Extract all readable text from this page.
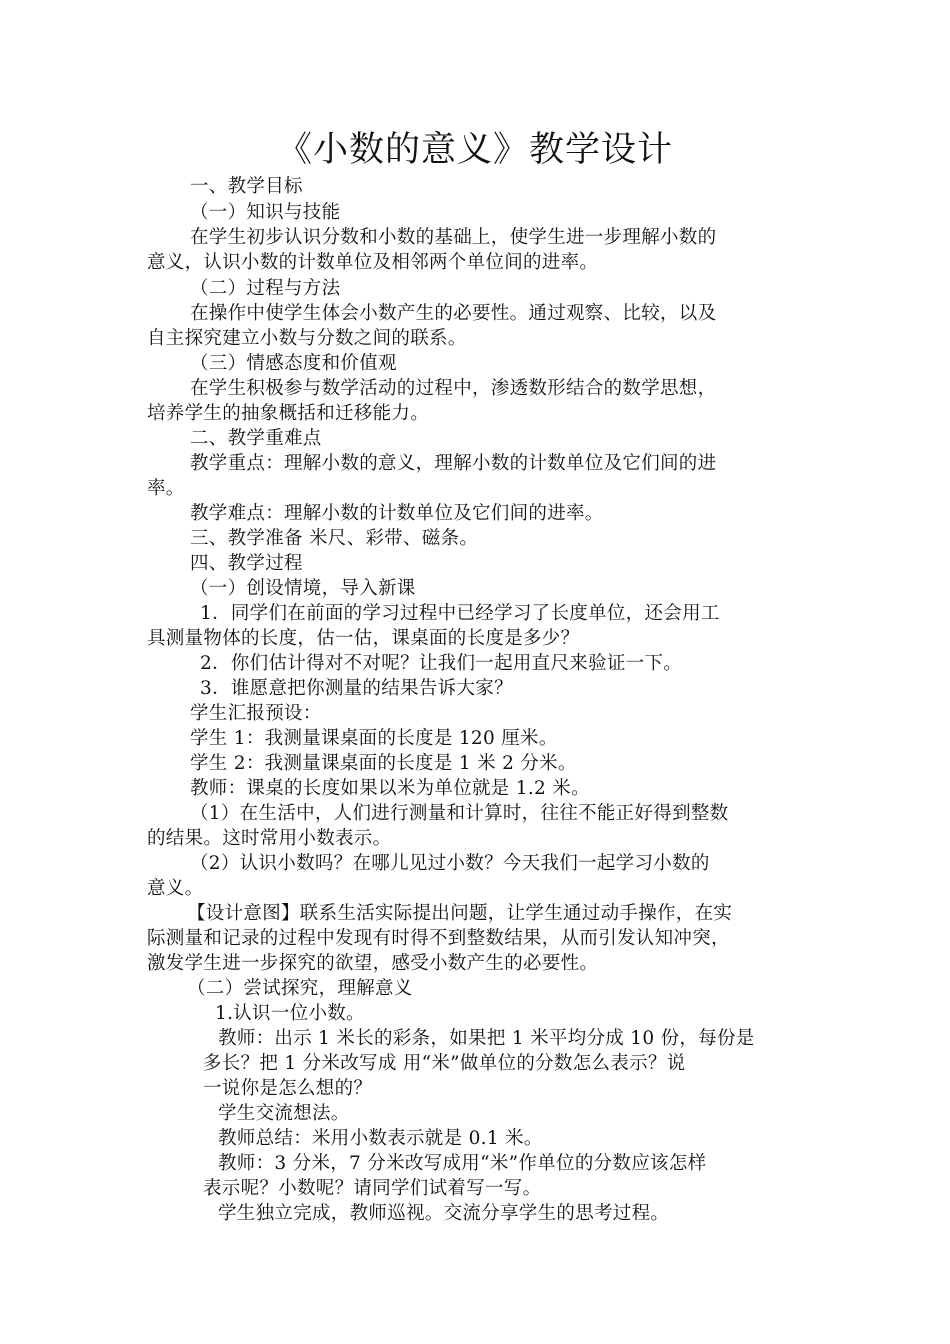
《小数的意义》教学设计
一、教学目标
（一）知识与技能
在学生初步认识分数和小数的基础上，使学生进一步理解小数的
意义，认识小数的计数单位及相邻两个单位间的进率。
（二）过程与方法
在操作中使学生体会小数产生的必要性。通过观察、比较，以及
自主探究建立小数与分数之间的联系。
（三）情感态度和价值观
在学生积极参与数学活动的过程中，渗透数形结合的数学思想，
培养学生的抽象概括和迁移能力。
二、教学重难点
教学重点：理解小数的意义，理解小数的计数单位及它们间的进
率。
教学难点：理解小数的计数单位及它们间的进率。
三、教学准备 米尺、彩带、磁条。
四、教学过程
（一）创设情境，导入新课
1．同学们在前面的学习过程中已经学习了长度单位，还会用工
具测量物体的长度，估一估，课桌面的长度是多少？
2．你们估计得对不对呢？让我们一起用直尺来验证一下。
3．谁愿意把你测量的结果告诉大家？
学生汇报预设：
学生 1：我测量课桌面的长度是 120 厘米。
学生 2：我测量课桌面的长度是 1 米 2 分米。
教师：课桌的长度如果以米为单位就是 1.2 米。
（1）在生活中，人们进行测量和计算时，往往不能正好得到整数
的结果。这时常用小数表示。
（2）认识小数吗？在哪儿见过小数？今天我们一起学习小数的
意义。
【设计意图】联系生活实际提出问题，让学生通过动手操作，在实
际测量和记录的过程中发现有时得不到整数结果，从而引发认知冲突，
激发学生进一步探究的欲望，感受小数产生的必要性。
（二）尝试探究，理解意义
1.认识一位小数。
教师：出示 1 米长的彩条，如果把 1 米平均分成 10 份，每份是
多长？把 1 分米改写成 用“米”做单位的分数怎么表示？说
一说你是怎么想的？
学生交流想法。
教师总结：米用小数表示就是 0.1 米。
教师：3 分米，7 分米改写成用“米”作单位的分数应该怎样
表示呢？小数呢？请同学们试着写一写。
学生独立完成，教师巡视。交流分享学生的思考过程。
